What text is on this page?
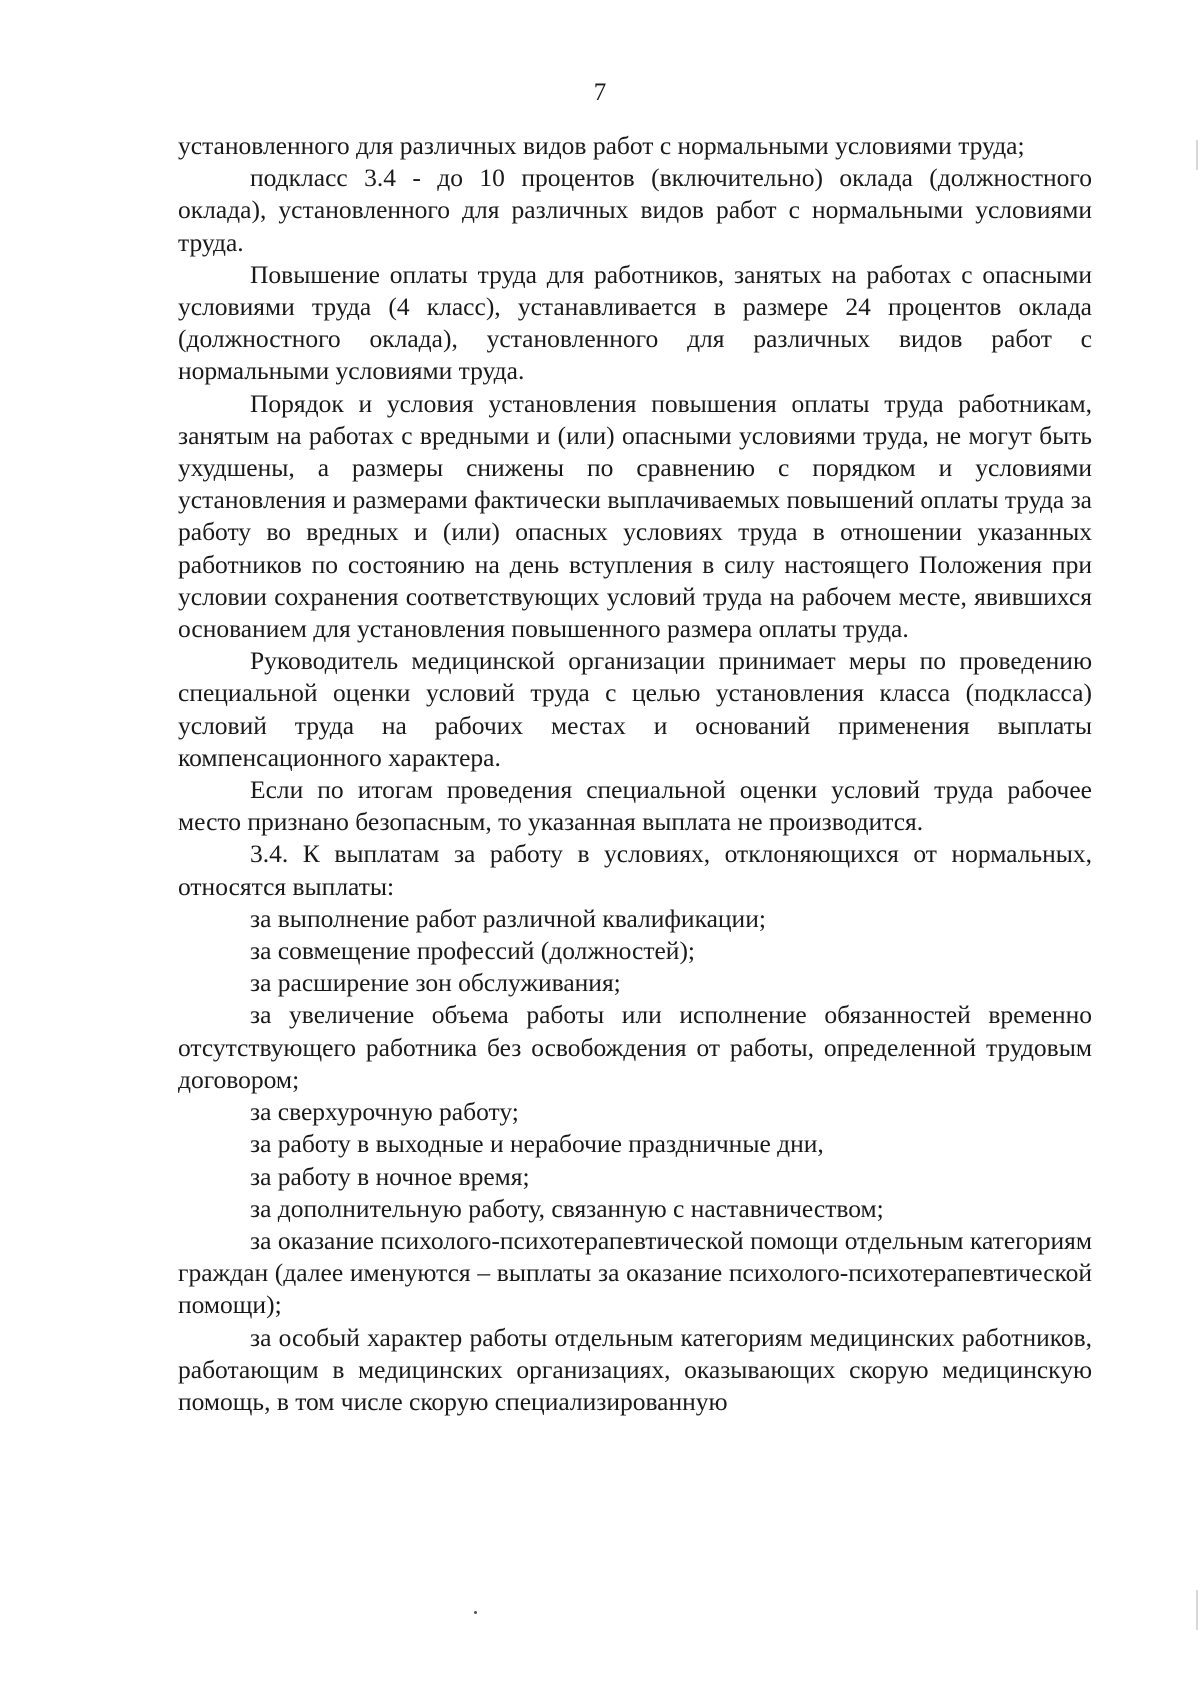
7

установленного для различных видов работ с нормальными условиями труда;

подкласс 3.4 - до 10 процентов (включительно) оклада (должностного оклада), установленного для различных видов работ с нормальными условиями труда.

Повышение оплаты труда для работников, занятых на работах с опасными условиями труда (4 класс), устанавливается в размере 24 процентов оклада (должностного оклада), установленного для различных видов работ с нормальными условиями труда.

Порядок и условия установления повышения оплаты труда работникам, занятым на работах с вредными и (или) опасными условиями труда, не могут быть ухудшены, а размеры снижены по сравнению с порядком и условиями установления и размерами фактически выплачиваемых повышений оплаты труда за работу во вредных и (или) опасных условиях труда в отношении указанных работников по состоянию на день вступления в силу настоящего Положения при условии сохранения соответствующих условий труда на рабочем месте, явившихся основанием для установления повышенного размера оплаты труда.

Руководитель медицинской организации принимает меры по проведению специальной оценки условий труда с целью установления класса (подкласса) условий труда на рабочих местах и оснований применения выплаты компенсационного характера.

Если по итогам проведения специальной оценки условий труда рабочее место признано безопасным, то указанная выплата не производится.

3.4. К выплатам за работу в условиях, отклоняющихся от нормальных, относятся выплаты:

за выполнение работ различной квалификации;

за совмещение профессий (должностей);

за расширение зон обслуживания;

за увеличение объема работы или исполнение обязанностей временно отсутствующего работника без освобождения от работы, определенной трудовым договором;

за сверхурочную работу;

за работу в выходные и нерабочие праздничные дни,

за работу в ночное время;

за дополнительную работу, связанную с наставничеством;

за оказание психолого-психотерапевтической помощи отдельным категориям граждан (далее именуются – выплаты за оказание психолого-психотерапевтической помощи);

за особый характер работы отдельным категориям медицинских работников, работающим в медицинских организациях, оказывающих скорую медицинскую помощь, в том числе скорую специализированную
